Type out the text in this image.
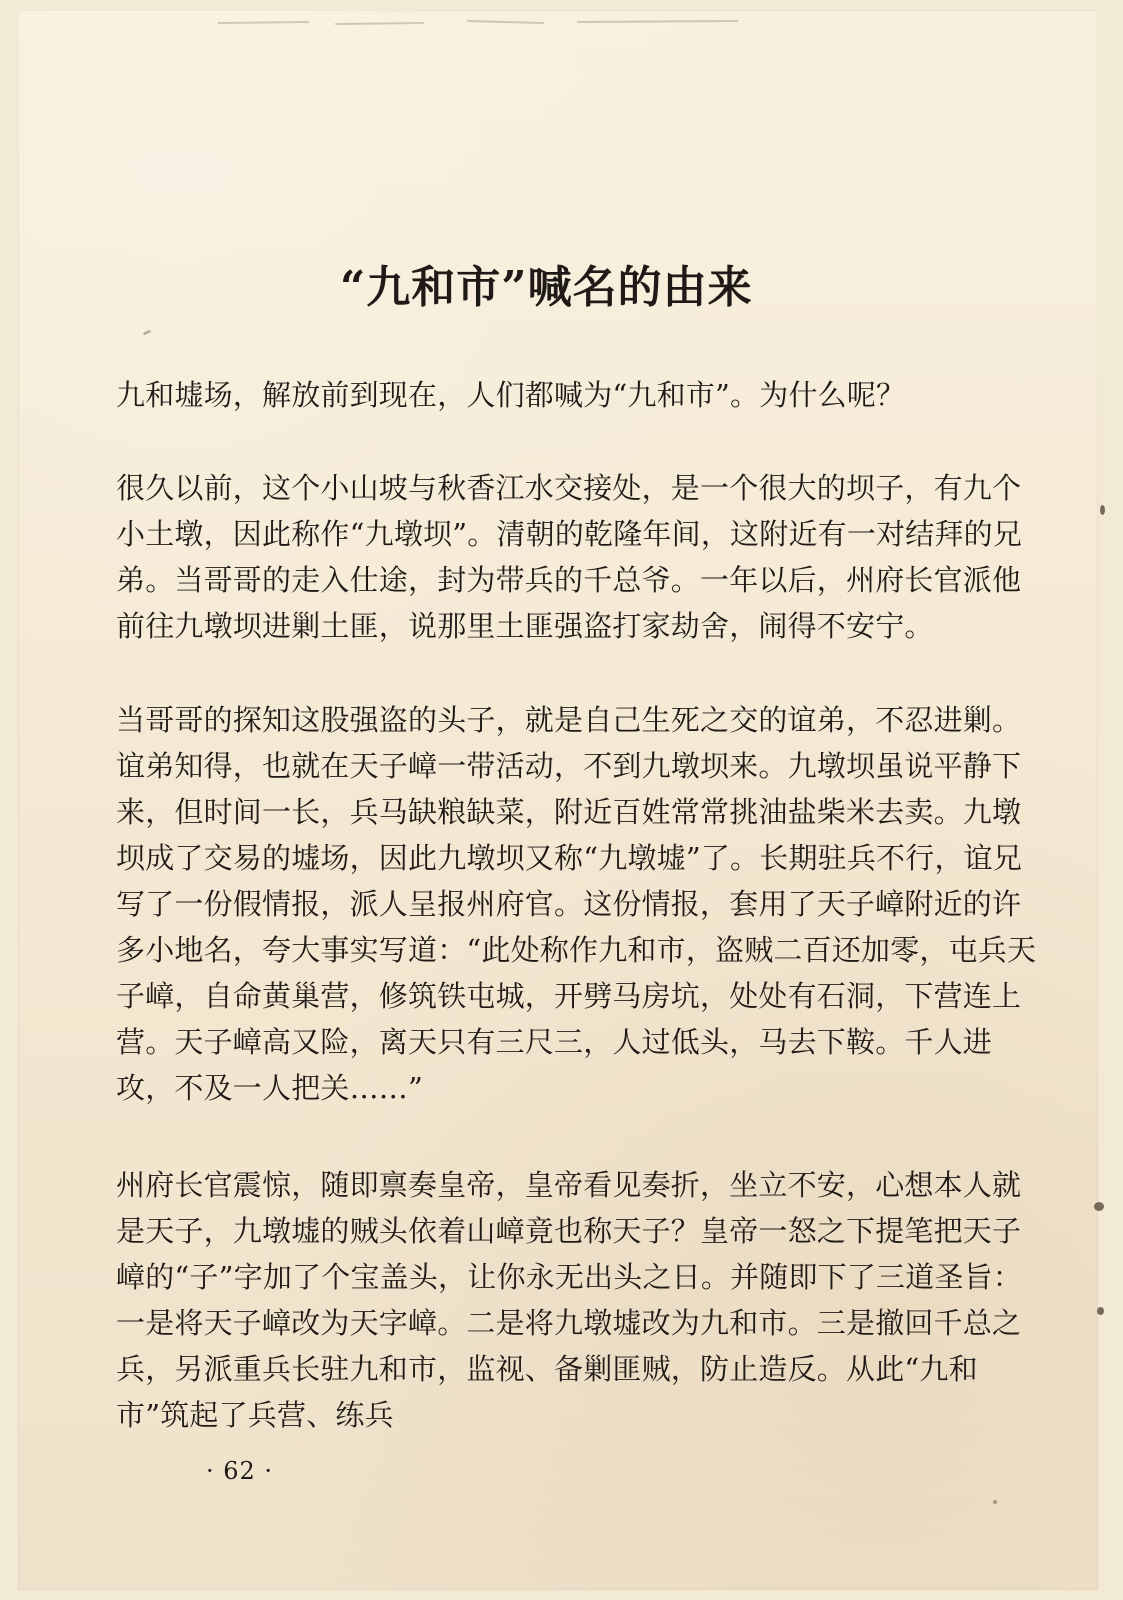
“九和市”喊名的由来
九和墟场，解放前到现在，人们都喊为“九和市”。为什么呢？
很久以前，这个小山坡与秋香江水交接处，是一个很大的坝子，有九个小土墩，因此称作“九墩坝”。清朝的乾隆年间，这附近有一对结拜的兄弟。当哥哥的走入仕途，封为带兵的千总爷。一年以后，州府长官派他前往九墩坝进剿土匪，说那里土匪强盗打家劫舍，闹得不安宁。
当哥哥的探知这股强盗的头子，就是自己生死之交的谊弟，不忍进剿。谊弟知得，也就在天子嶂一带活动，不到九墩坝来。九墩坝虽说平静下来，但时间一长，兵马缺粮缺菜，附近百姓常常挑油盐柴米去卖。九墩坝成了交易的墟场，因此九墩坝又称“九墩墟”了。长期驻兵不行，谊兄写了一份假情报，派人呈报州府官。这份情报，套用了天子嶂附近的许多小地名，夸大事实写道：“此处称作九和市，盗贼二百还加零，屯兵天子嶂，自命黄巢营，修筑铁屯城，开劈马房坑，处处有石洞，下营连上营。天子嶂高又险，离天只有三尺三，人过低头，马去下鞍。千人进攻，不及一人把关……”
州府长官震惊，随即禀奏皇帝，皇帝看见奏折，坐立不安，心想本人就是天子，九墩墟的贼头依着山嶂竟也称天子？皇帝一怒之下提笔把天子嶂的“子”字加了个宝盖头，让你永无出头之日。并随即下了三道圣旨：一是将天子嶂改为天字嶂。二是将九墩墟改为九和市。三是撤回千总之兵，另派重兵长驻九和市，监视、备剿匪贼，防止造反。从此“九和市”筑起了兵营、练兵
· 62 ·
